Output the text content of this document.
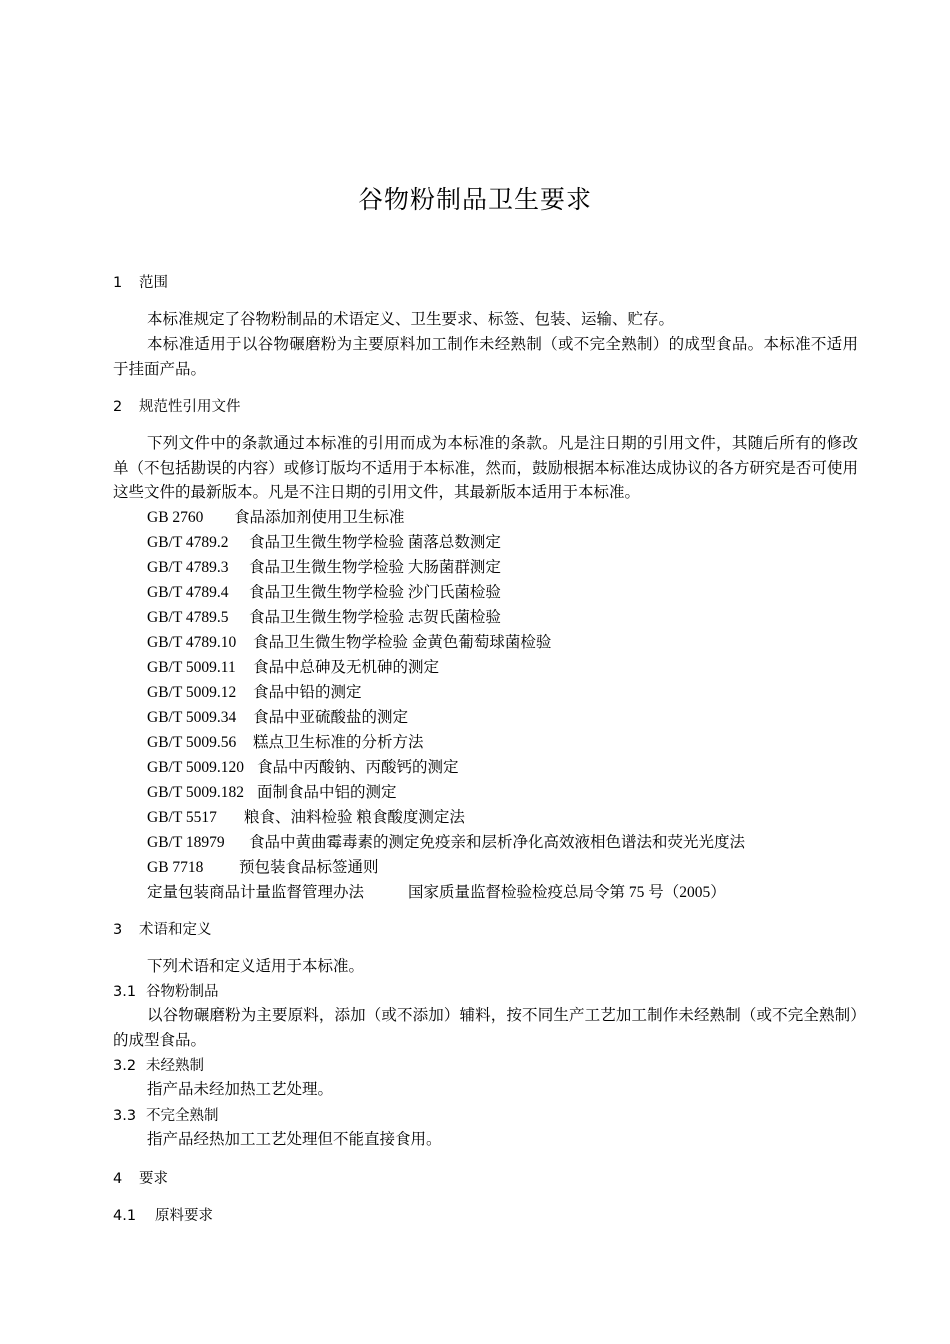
谷物粉制品卫生要求
1 范围
本标准规定了谷物粉制品的术语定义、卫生要求、标签、包装、运输、贮存。
本标准适用于以谷物碾磨粉为主要原料加工制作未经熟制（或不完全熟制）的成型食品。本标准不适用于挂面产品。
2 规范性引用文件
下列文件中的条款通过本标准的引用而成为本标准的条款。凡是注日期的引用文件，其随后所有的修改单（不包括勘误的内容）或修订版均不适用于本标准，然而，鼓励根据本标准达成协议的各方研究是否可使用这些文件的最新版本。凡是不注日期的引用文件，其最新版本适用于本标准。
GB 2760 食品添加剂使用卫生标准
GB/T 4789.2 食品卫生微生物学检验 菌落总数测定
GB/T 4789.3 食品卫生微生物学检验 大肠菌群测定
GB/T 4789.4 食品卫生微生物学检验 沙门氏菌检验
GB/T 4789.5 食品卫生微生物学检验 志贺氏菌检验
GB/T 4789.10 食品卫生微生物学检验 金黄色葡萄球菌检验
GB/T 5009.11 食品中总砷及无机砷的测定
GB/T 5009.12 食品中铅的测定
GB/T 5009.34 食品中亚硫酸盐的测定
GB/T 5009.56 糕点卫生标准的分析方法
GB/T 5009.120 食品中丙酸钠、丙酸钙的测定
GB/T 5009.182 面制食品中铝的测定
GB/T 5517 粮食、油料检验 粮食酸度测定法
GB/T 18979 食品中黄曲霉毒素的测定免疫亲和层析净化高效液相色谱法和荧光光度法
GB 7718 预包装食品标签通则
定量包装商品计量监督管理办法	国家质量监督检验检疫总局令第 75 号（2005）
3 术语和定义
下列术语和定义适用于本标准。
3.1 谷物粉制品
以谷物碾磨粉为主要原料，添加（或不添加）辅料，按不同生产工艺加工制作未经熟制（或不完全熟制）的成型食品。
3.2 未经熟制
指产品未经加热工艺处理。
3.3 不完全熟制
指产品经热加工工艺处理但不能直接食用。
4 要求
4.1 原料要求
